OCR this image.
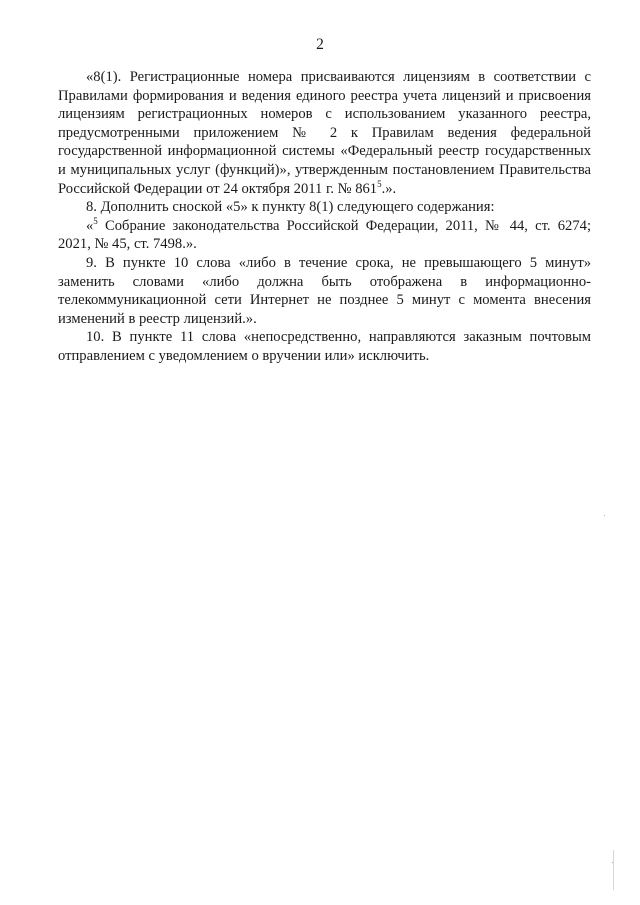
2

«8(1). Регистрационные номера присваиваются лицензиям в соответствии с Правилами формирования и ведения единого реестра учета лицензий и присвоения лицензиям регистрационных номеров с использованием указанного реестра, предусмотренными приложением № 2 к Правилам ведения федеральной государственной информационной системы «Федеральный реестр государственных и муниципальных услуг (функций)», утвержденным постановлением Правительства Российской Федерации от 24 октября 2011 г. № $861^5$.».

8. Дополнить сноской «5» к пункту 8(1) следующего содержания:

«$^5$ Собрание законодательства Российской Федерации, 2011, № 44, ст. 6274; 2021, № 45, ст. 7498.».

9. В пункте 10 слова «либо в течение срока, не превышающего 5 минут» заменить словами «либо должна быть отображена в информационно-телекоммуникационной сети Интернет не позднее 5 минут с момента внесения изменений в реестр лицензий.».

10. В пункте 11 слова «непосредственно, направляются заказным почтовым отправлением с уведомлением о вручении или» исключить.
